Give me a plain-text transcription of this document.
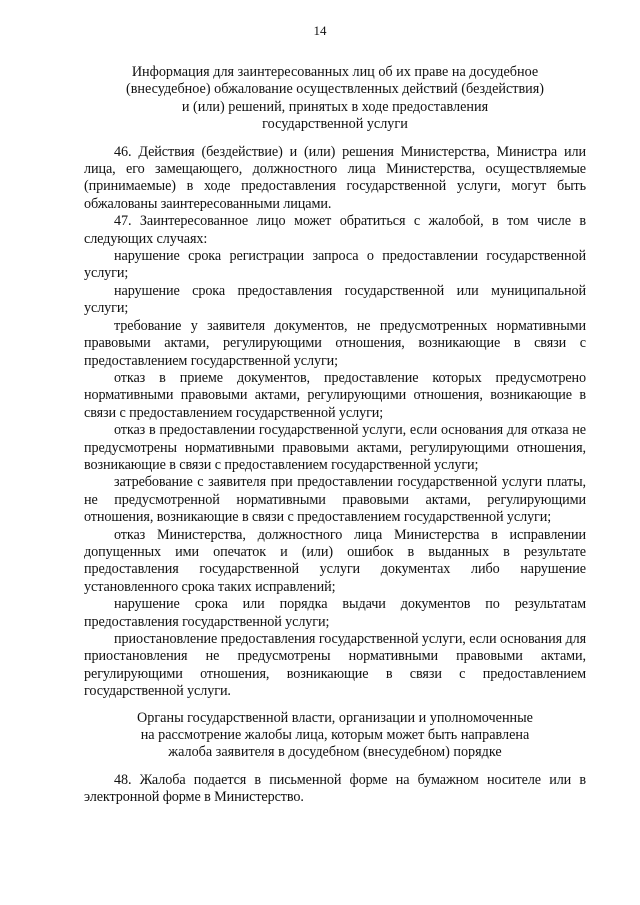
14
Информация для заинтересованных лиц об их праве на досудебное
(внесудебное) обжалование осуществленных действий (бездействия)
и (или) решений, принятых в ходе предоставления
государственной услуги

46. Действия (бездействие) и (или) решения Министерства, Министра или лица, его замещающего, должностного лица Министерства, осуществляемые (принимаемые) в ходе предоставления государственной услуги, могут быть обжалованы заинтересованными лицами.

47. Заинтересованное лицо может обратиться с жалобой, в том числе в следующих случаях:

нарушение срока регистрации запроса о предоставлении государственной услуги;

нарушение срока предоставления государственной или муниципальной услуги;

требование у заявителя документов, не предусмотренных нормативными правовыми актами, регулирующими отношения, возникающие в связи с предоставлением государственной услуги;

отказ в приеме документов, предоставление которых предусмотрено нормативными правовыми актами, регулирующими отношения, возникающие в связи с предоставлением государственной услуги;

отказ в предоставлении государственной услуги, если основания для отказа не предусмотрены нормативными правовыми актами, регулирующими отношения, возникающие в связи с предоставлением государственной услуги;

затребование с заявителя при предоставлении государственной услуги платы, не предусмотренной нормативными правовыми актами, регулирующими отношения, возникающие в связи с предоставлением государственной услуги;

отказ Министерства, должностного лица Министерства в исправлении допущенных ими опечаток и (или) ошибок в выданных в результате предоставления государственной услуги документах либо нарушение установленного срока таких исправлений;

нарушение срока или порядка выдачи документов по результатам предоставления государственной услуги;

приостановление предоставления государственной услуги, если основания для приостановления не предусмотрены нормативными правовыми актами, регулирующими отношения, возникающие в связи с предоставлением государственной услуги.

Органы государственной власти, организации и уполномоченные
на рассмотрение жалобы лица, которым может быть направлена
жалоба заявителя в досудебном (внесудебном) порядке

48. Жалоба подается в письменной форме на бумажном носителе или в электронной форме в Министерство.
